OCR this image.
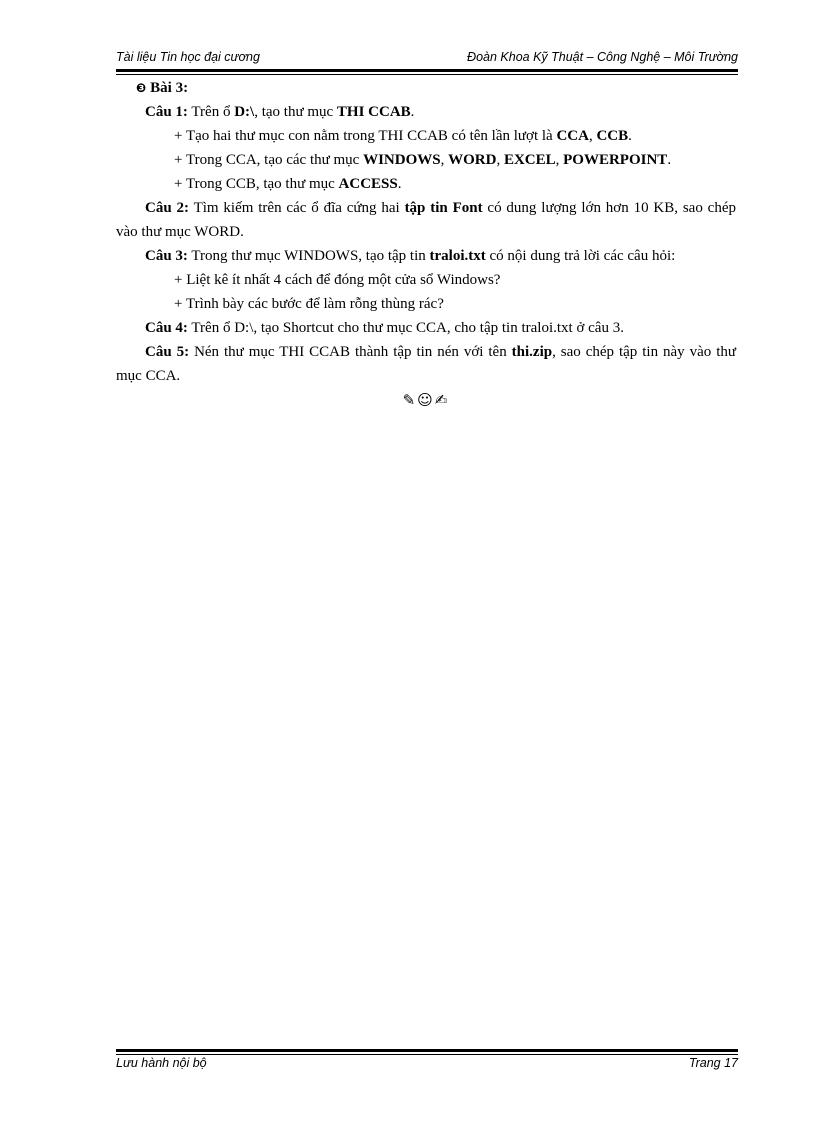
Tài liệu Tin học đại cương	Đoàn Khoa Kỹ Thuật – Công Nghệ – Môi Trường

❸ Bài 3:

Câu 1: Trên ổ D:\, tạo thư mục THI CCAB.

+ Tạo hai thư mục con nằm trong THI CCAB có tên lần lượt là CCA, CCB.

+ Trong CCA, tạo các thư mục WINDOWS, WORD, EXCEL, POWERPOINT.

+ Trong CCB, tạo thư mục ACCESS.

Câu 2: Tìm kiếm trên các ổ đĩa cứng hai tập tin Font có dung lượng lớn hơn 10 KB, sao chép vào thư mục WORD.

Câu 3: Trong thư mục WINDOWS, tạo tập tin traloi.txt có nội dung trả lời các câu hỏi:

+ Liệt kê ít nhất 4 cách để đóng một cửa sổ Windows?

+ Trình bày các bước để làm rỗng thùng rác?

Câu 4: Trên ổ D:\, tạo Shortcut cho thư mục CCA, cho tập tin traloi.txt ở câu 3.

Câu 5: Nén thư mục THI CCAB thành tập tin nén với tên thi.zip, sao chép tập tin này vào thư mục CCA.

✎☺✍

Lưu hành nội bộ	Trang 17
